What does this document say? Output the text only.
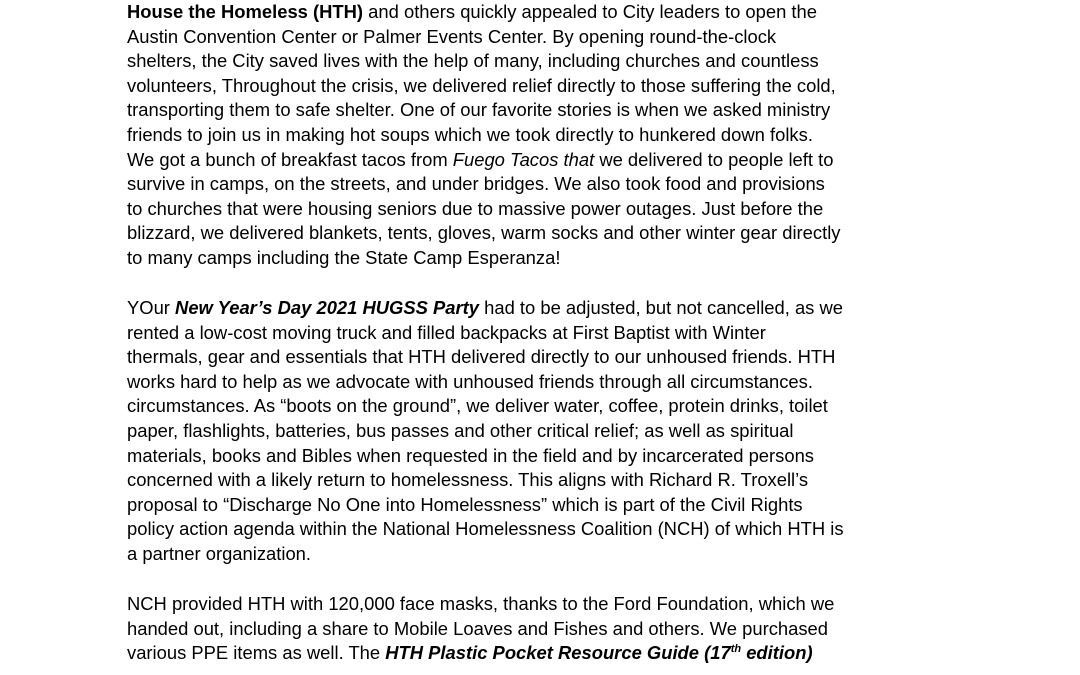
House the Homeless (HTH) and others quickly appealed to City leaders to open the
Austin Convention Center or Palmer Events Center. By opening round-the-clock
shelters, the City saved lives with the help of many, including churches and countless
volunteers, Throughout the crisis, we delivered relief directly to those suffering the cold,
transporting them to safe shelter. One of our favorite stories is when we asked ministry
friends to join us in making hot soups which we took directly to hunkered down folks.
We got a bunch of breakfast tacos from Fuego Tacos that we delivered to people left to
survive in camps, on the streets, and under bridges. We also took food and provisions
to churches that were housing seniors due to massive power outages. Just before the
blizzard, we delivered blankets, tents, gloves, warm socks and other winter gear directly
to many camps including the State Camp Esperanza!

YOur New Year’s Day 2021 HUGSS Party had to be adjusted, but not cancelled, as we
rented a low-cost moving truck and filled backpacks at First Baptist with Winter
thermals, gear and essentials that HTH delivered directly to our unhoused friends. HTH
works hard to help as we advocate with unhoused friends through all circumstances.
circumstances. As “boots on the ground”, we deliver water, coffee, protein drinks, toilet
paper, flashlights, batteries, bus passes and other critical relief; as well as spiritual
materials, books and Bibles when requested in the field and by incarcerated persons
concerned with a likely return to homelessness. This aligns with Richard R. Troxell’s
proposal to “Discharge No One into Homelessness” which is part of the Civil Rights
policy action agenda within the National Homelessness Coalition (NCH) of which HTH is
a partner organization.

NCH provided HTH with 120,000 face masks, thanks to the Ford Foundation, which we
handed out, including a share to Mobile Loaves and Fishes and others. We purchased
various PPE items as well. The HTH Plastic Pocket Resource Guide (17th edition)
